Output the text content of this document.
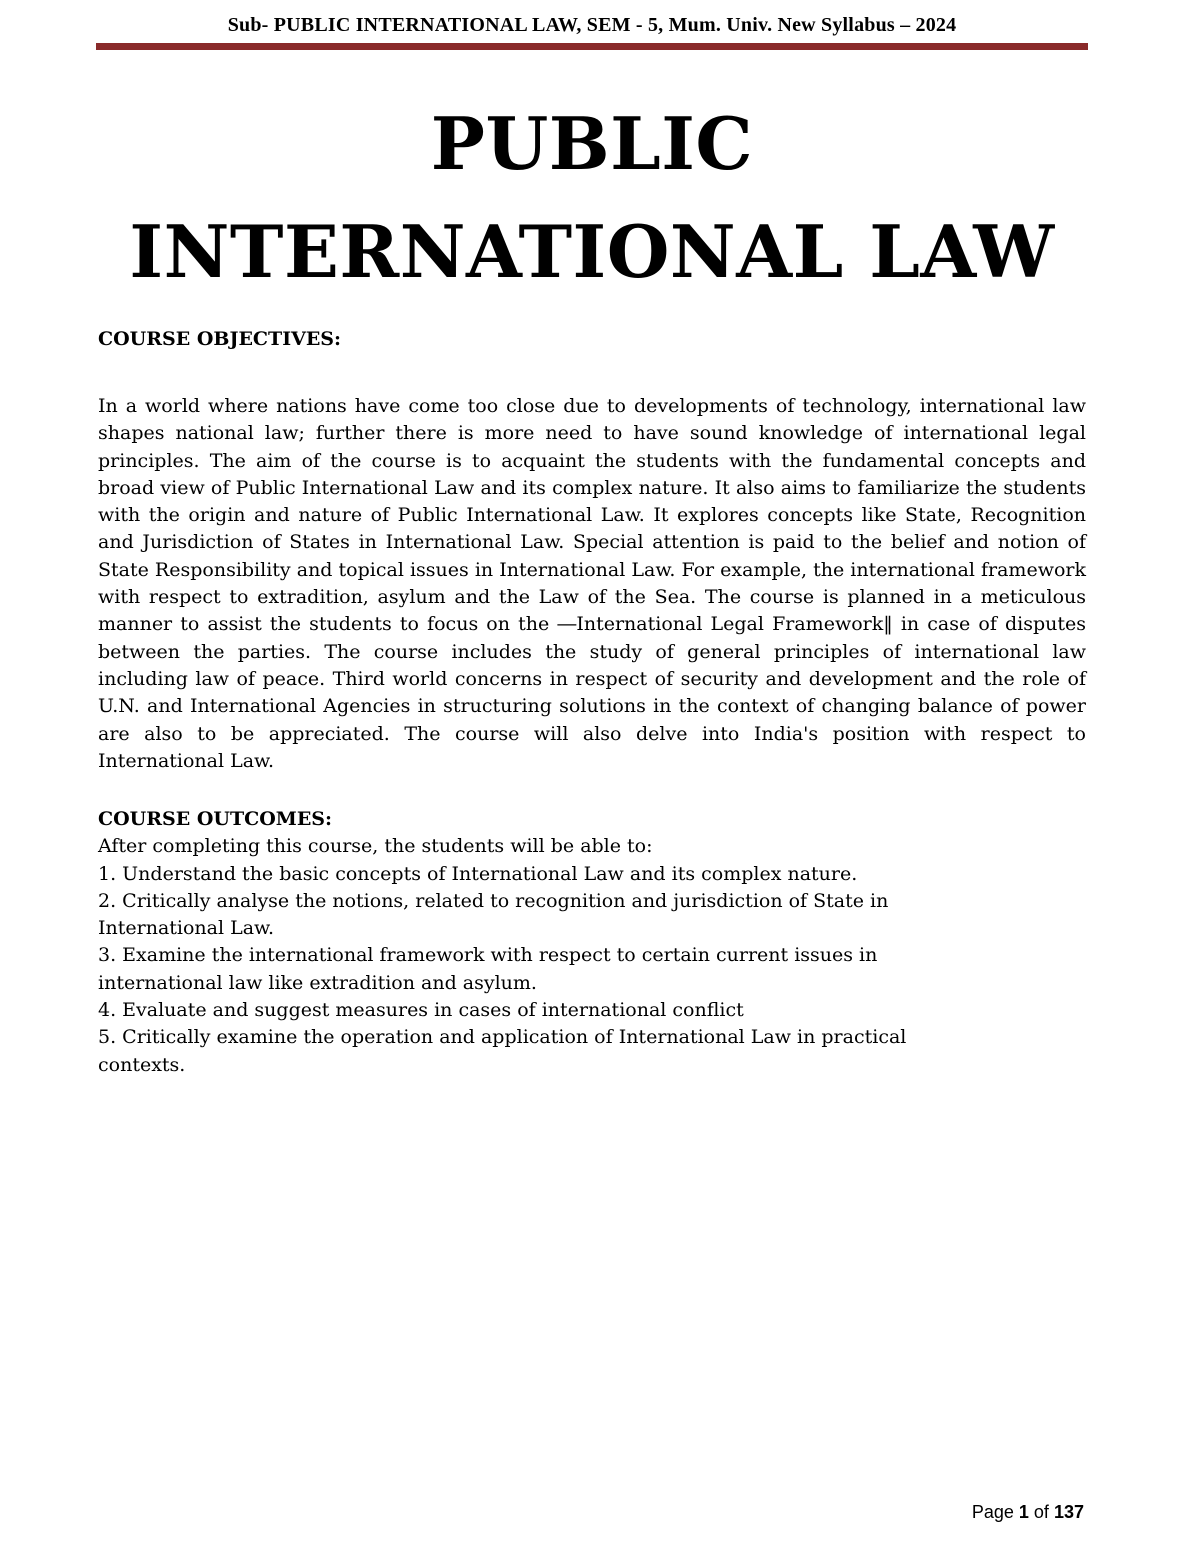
Sub- PUBLIC INTERNATIONAL LAW, SEM - 5, Mum. Univ. New Syllabus – 2024
PUBLIC
INTERNATIONAL LAW
COURSE OBJECTIVES:
In a world where nations have come too close due to developments of technology, international law shapes national law; further there is more need to have sound knowledge of international legal principles. The aim of the course is to acquaint the students with the fundamental concepts and broad view of Public International Law and its complex nature. It also aims to familiarize the students with the origin and nature of Public International Law. It explores concepts like State, Recognition and Jurisdiction of States in International Law. Special attention is paid to the belief and notion of State Responsibility and topical issues in International Law. For example, the international framework with respect to extradition, asylum and the Law of the Sea. The course is planned in a meticulous manner to assist the students to focus on the ―International Legal Framework‖ in case of disputes between the parties. The course includes the study of general principles of international law including law of peace. Third world concerns in respect of security and development and the role of U.N. and International Agencies in structuring solutions in the context of changing balance of power are also to be appreciated. The course will also delve into India's position with respect to International Law.
COURSE OUTCOMES:
After completing this course, the students will be able to:
1. Understand the basic concepts of International Law and its complex nature.
2. Critically analyse the notions, related to recognition and jurisdiction of State in International Law.
3. Examine the international framework with respect to certain current issues in international law like extradition and asylum.
4. Evaluate and suggest measures in cases of international conflict
5. Critically examine the operation and application of International Law in practical contexts.
Page 1 of 137
